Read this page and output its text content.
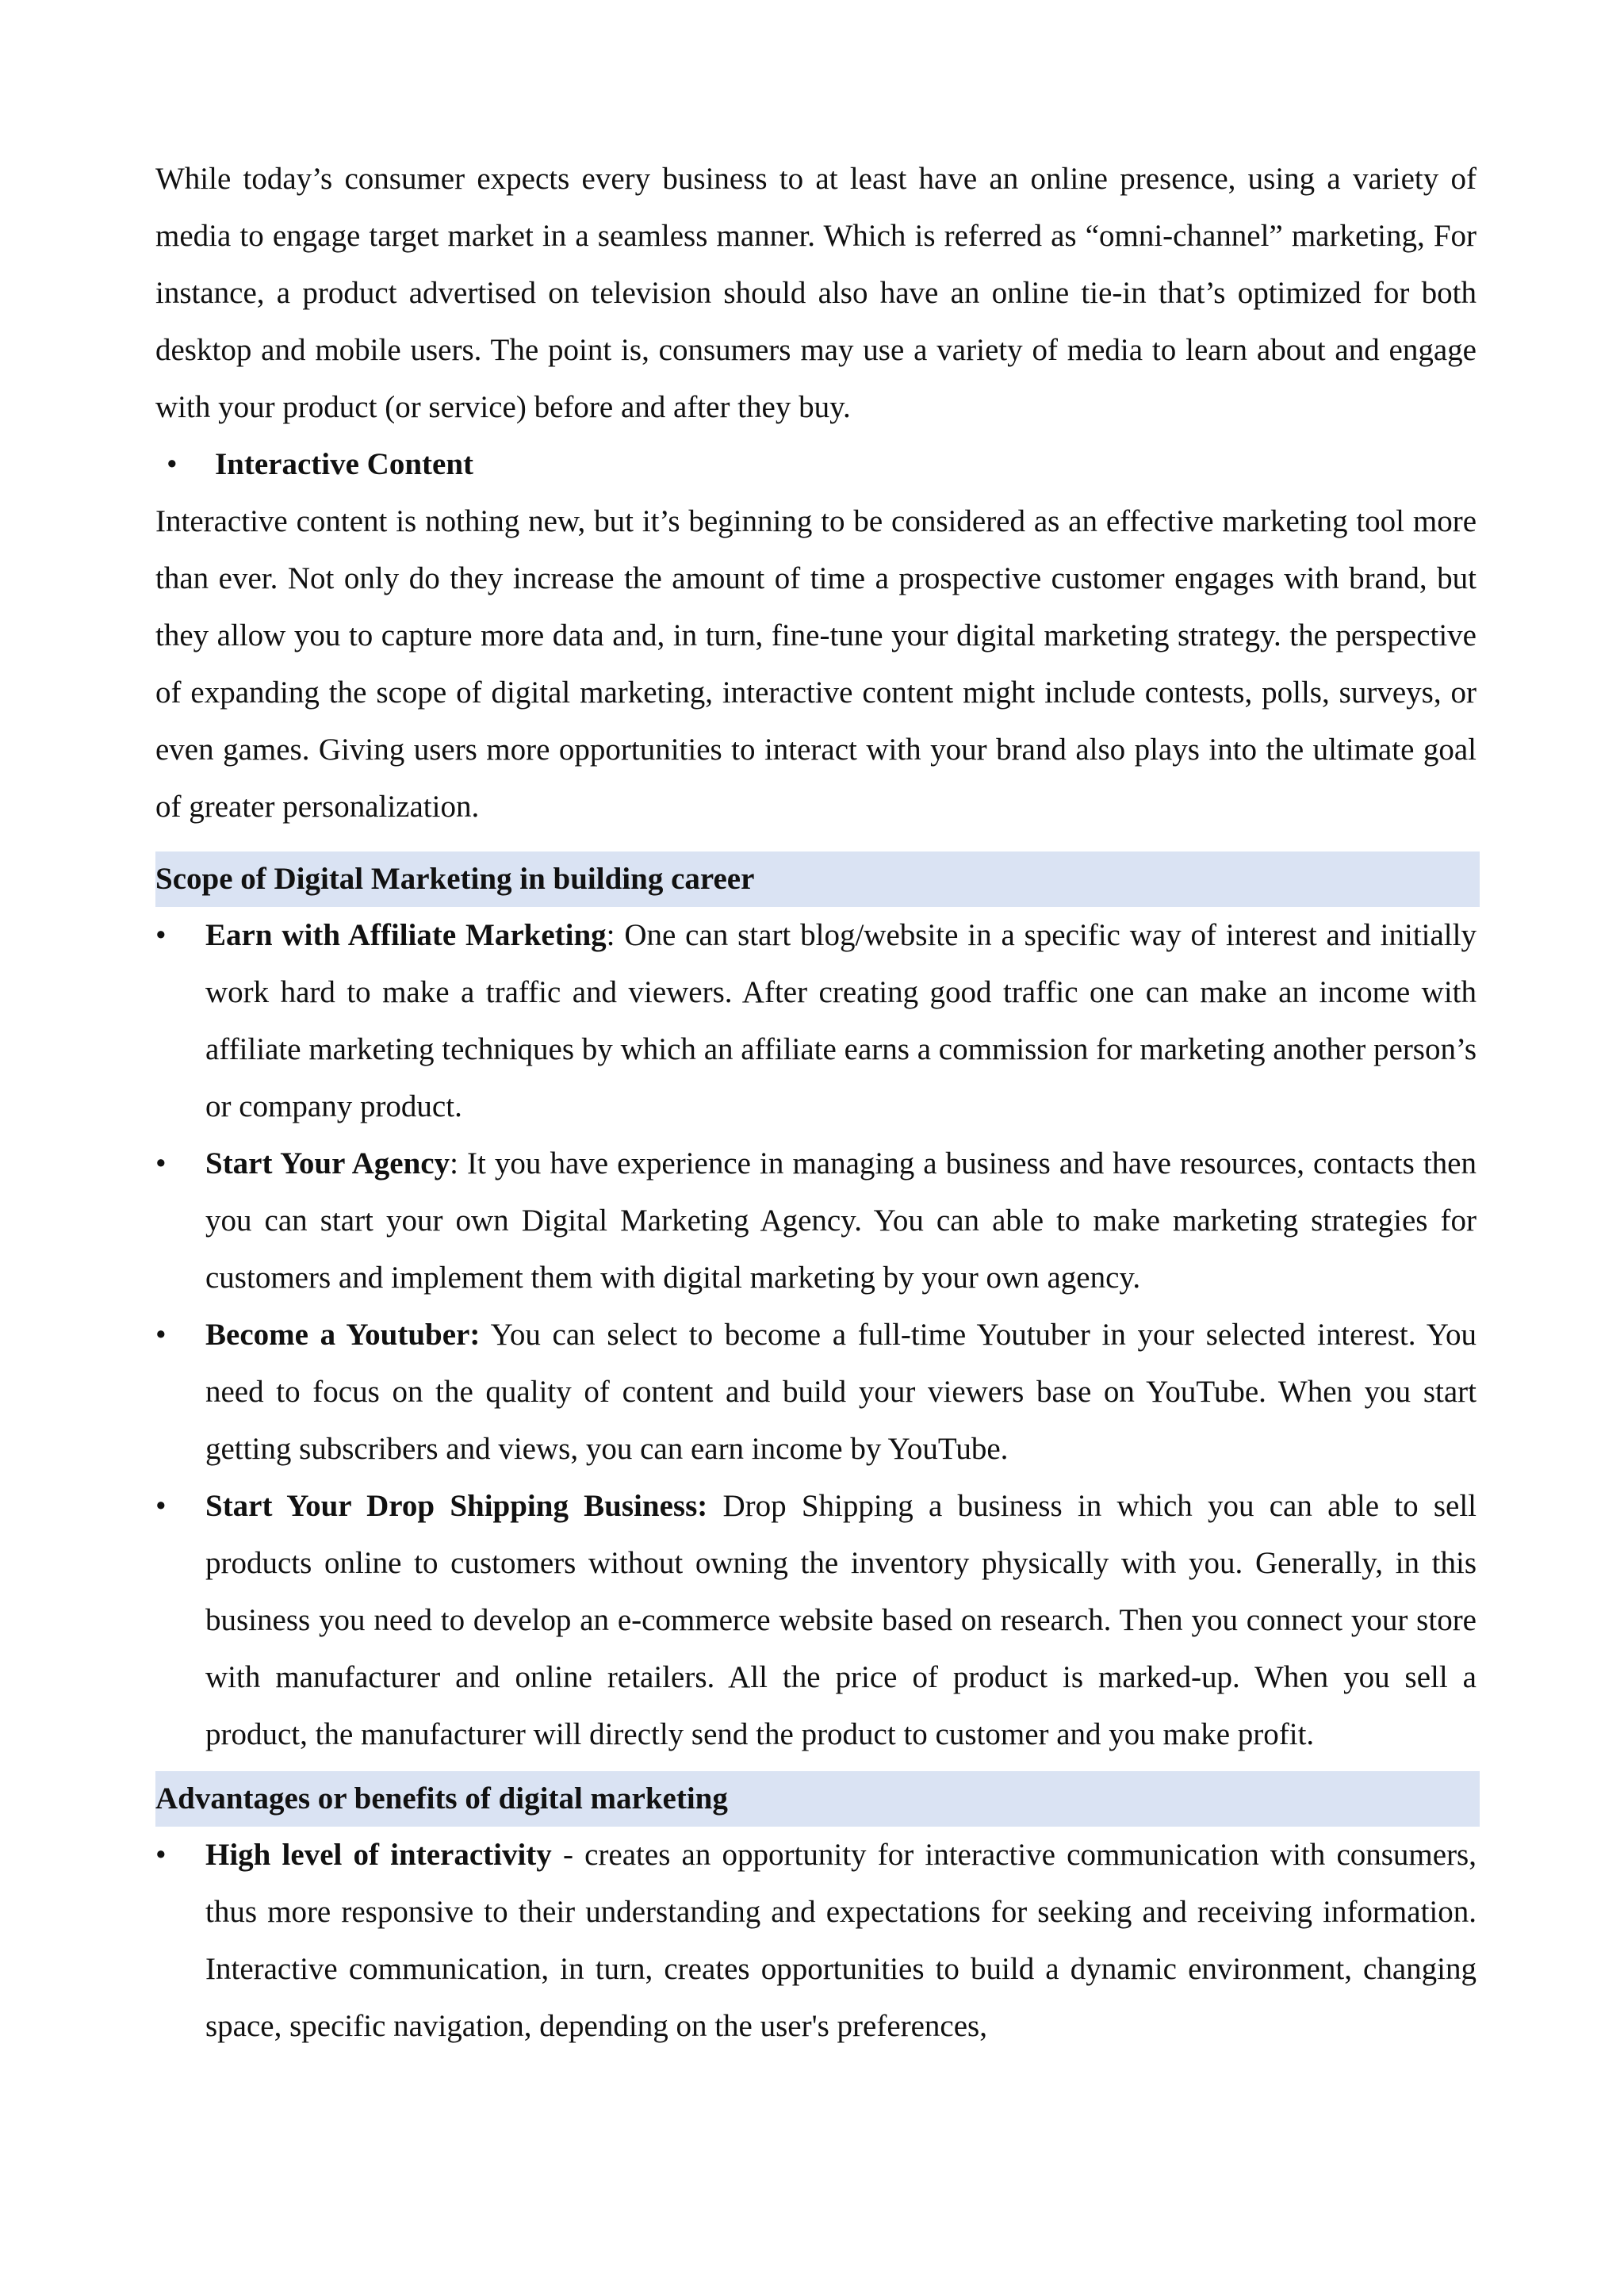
While today’s consumer expects every business to at least have an online presence, using a variety of media to engage target market in a seamless manner. Which is referred as “omni-channel” marketing, For instance, a product advertised on television should also have an online tie-in that’s optimized for both desktop and mobile users. The point is, consumers may use a variety of media to learn about and engage with your product (or service) before and after they buy.

• Interactive Content

Interactive content is nothing new, but it’s beginning to be considered as an effective marketing tool more than ever. Not only do they increase the amount of time a prospective customer engages with brand, but they allow you to capture more data and, in turn, fine-tune your digital marketing strategy. the perspective of expanding the scope of digital marketing, interactive content might include contests, polls, surveys, or even games. Giving users more opportunities to interact with your brand also plays into the ultimate goal of greater personalization.

Scope of Digital Marketing in building career
• Earn with Affiliate Marketing: One can start blog/website in a specific way of interest and initially work hard to make a traffic and viewers. After creating good traffic one can make an income with affiliate marketing techniques by which an affiliate earns a commission for marketing another person’s or company product.
• Start Your Agency: It you have experience in managing a business and have resources, contacts then you can start your own Digital Marketing Agency. You can able to make marketing strategies for customers and implement them with digital marketing by your own agency.
• Become a Youtuber: You can select to become a full-time Youtuber in your selected interest. You need to focus on the quality of content and build your viewers base on YouTube. When you start getting subscribers and views, you can earn income by YouTube.
• Start Your Drop Shipping Business: Drop Shipping a business in which you can able to sell products online to customers without owning the inventory physically with you. Generally, in this business you need to develop an e-commerce website based on research. Then you connect your store with manufacturer and online retailers. All the price of product is marked-up. When you sell a product, the manufacturer will directly send the product to customer and you make profit.
Advantages or benefits of digital marketing
• High level of interactivity - creates an opportunity for interactive communication with consumers, thus more responsive to their understanding and expectations for seeking and receiving information. Interactive communication, in turn, creates opportunities to build a dynamic environment, changing space, specific navigation, depending on the user's preferences,
